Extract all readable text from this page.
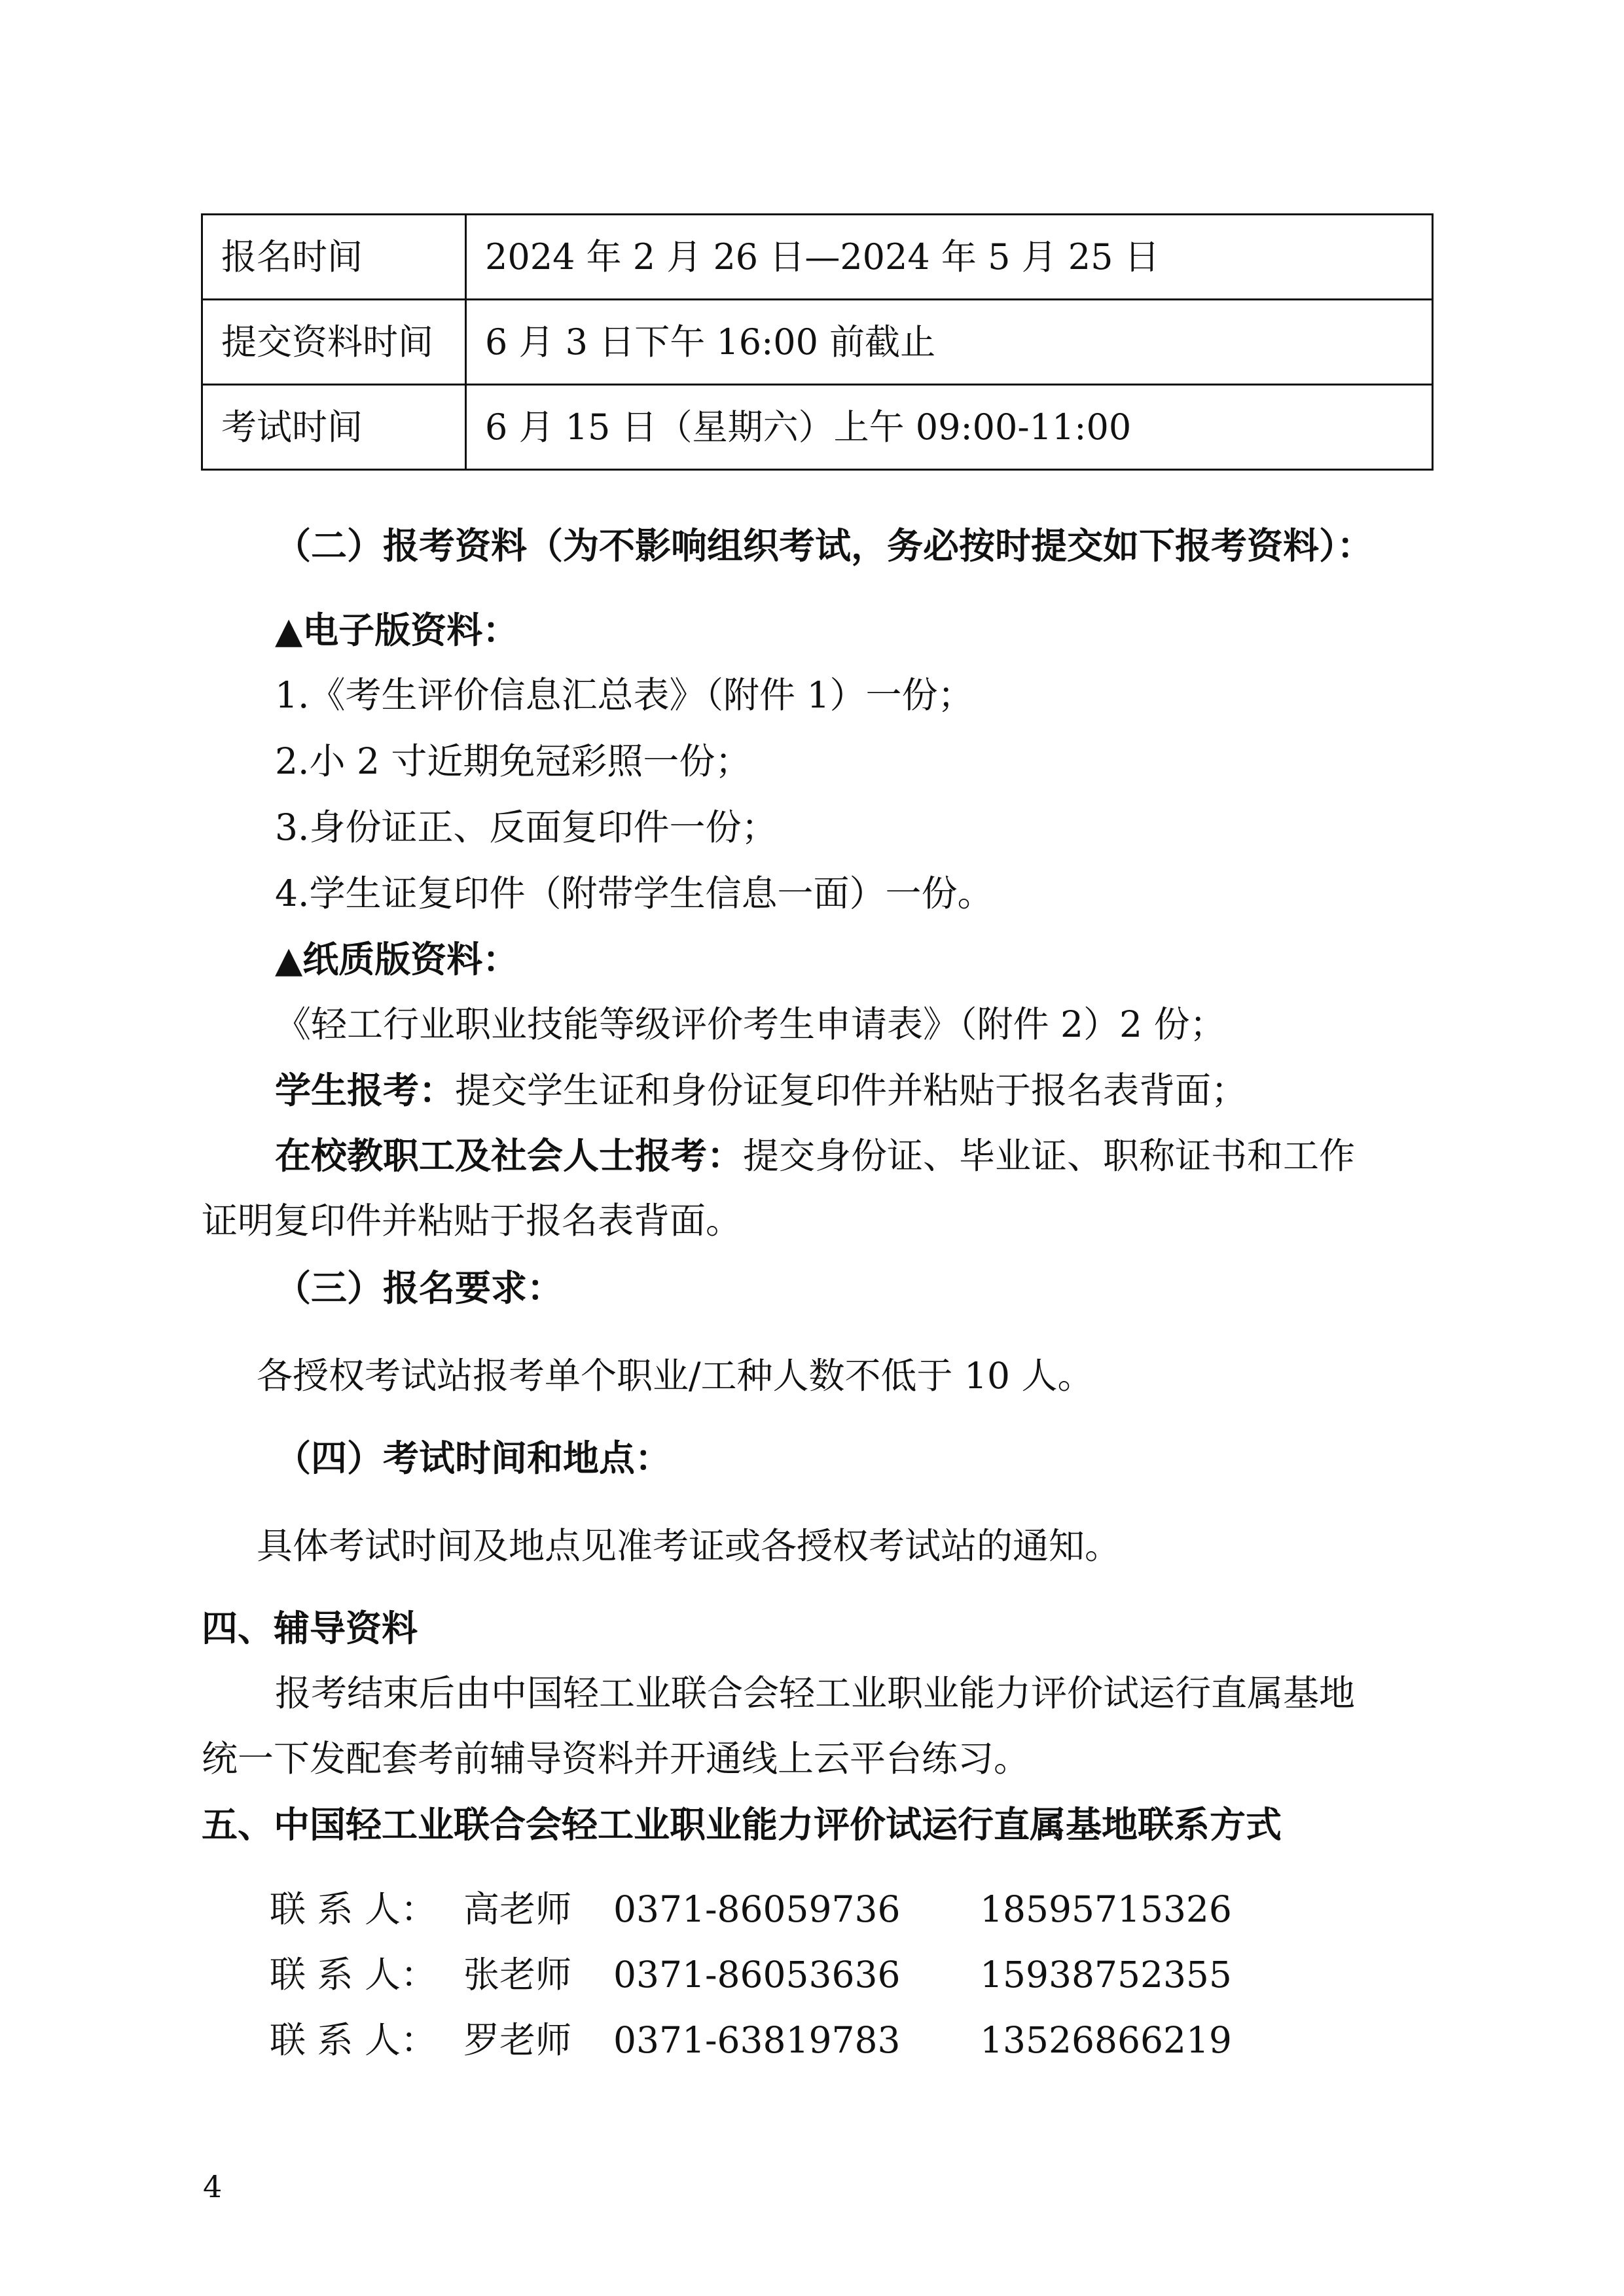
报名时间	2024 年 2 月 26 日—2024 年 5 月 25 日
提交资料时间	6 月 3 日下午 16:00 前截止
考试时间	6 月 15 日（星期六）上午 09:00-11:00
（二）报考资料（为不影响组织考试，务必按时提交如下报考资料）：
▲电子版资料：
1.《考生评价信息汇总表》（附件 1）一份；
2.小 2 寸近期免冠彩照一份；
3.身份证正、反面复印件一份；
4.学生证复印件（附带学生信息一面）一份。
▲纸质版资料：
《轻工行业职业技能等级评价考生申请表》（附件 2）2 份；
学生报考：提交学生证和身份证复印件并粘贴于报名表背面；
在校教职工及社会人士报考：提交身份证、毕业证、职称证书和工作
证明复印件并粘贴于报名表背面。
（三）报名要求：
各授权考试站报考单个职业/工种人数不低于 10 人。
（四）考试时间和地点：
具体考试时间及地点见准考证或各授权考试站的通知。
四、辅导资料
报考结束后由中国轻工业联合会轻工业职业能力评价试运行直属基地
统一下发配套考前辅导资料并开通线上云平台练习。
五、中国轻工业联合会轻工业职业能力评价试运行直属基地联系方式
联 系 人： 高老师 0371-86059736 18595715326
联 系 人： 张老师 0371-86053636 15938752355
联 系 人： 罗老师 0371-63819783 13526866219
4
